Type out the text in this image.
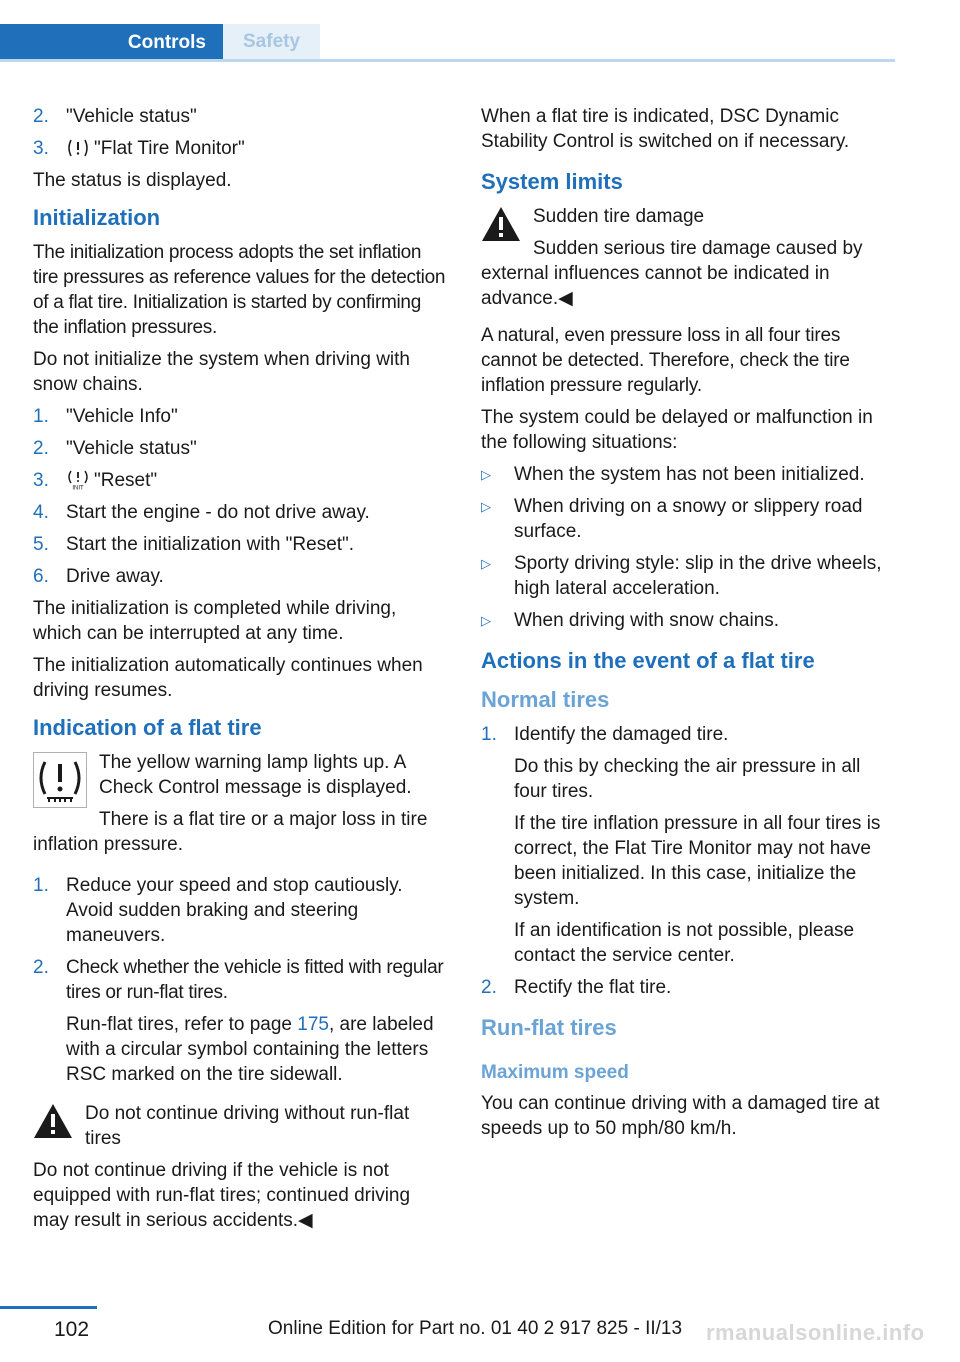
Controls	Safety
2. "Vehicle status"
3.	"Flat Tire Monitor"

The status is displayed.

Initialization

The initialization process adopts the set inflation tire pressures as reference values for the detection of a flat tire. Initialization is started by confirming the inflation pressures.

Do not initialize the system when driving with snow chains.

1. "Vehicle Info"
2. "Vehicle status"
3.	INIT "Reset"
4. Start the engine - do not drive away.
5. Start the initialization with "Reset".
6. Drive away.

The initialization is completed while driving, which can be interrupted at any time.

The initialization automatically continues when driving resumes.

Indication of a flat tire

The yellow warning lamp lights up. A Check Control message is displayed.

There is a flat tire or a major loss in tire inflation pressure.

1. Reduce your speed and stop cautiously. Avoid sudden braking and steering maneuvers.
2. Check whether the vehicle is fitted with regular tires or run-flat tires.
Run-flat tires, refer to page 175, are labeled with a circular symbol containing the letters RSC marked on the tire sidewall.

Do not continue driving without run-flat tires

Do not continue driving if the vehicle is not equipped with run-flat tires; continued driving may result in serious accidents.◀

When a flat tire is indicated, DSC Dynamic Stability Control is switched on if necessary.

System limits

Sudden tire damage

Sudden serious tire damage caused by external influences cannot be indicated in advance.◀

A natural, even pressure loss in all four tires cannot be detected. Therefore, check the tire inflation pressure regularly.

The system could be delayed or malfunction in the following situations:

▷	When the system has not been initialized.
▷	When driving on a snowy or slippery road surface.
▷	Sporty driving style: slip in the drive wheels, high lateral acceleration.
▷	When driving with snow chains.
Actions in the event of a flat tire
Normal tires
1. Identify the damaged tire.

Do this by checking the air pressure in all four tires.

If the tire inflation pressure in all four tires is correct, the Flat Tire Monitor may not have been initialized. In this case, initialize the system.

If an identification is not possible, please contact the service center.

2. Rectify the flat tire.
Run-flat tires
Maximum speed

You can continue driving with a damaged tire at speeds up to 50 mph/80 km/h.

102	Online Edition for Part no. 01 40 2 917 825 - II/13 rmanualsonline.info
